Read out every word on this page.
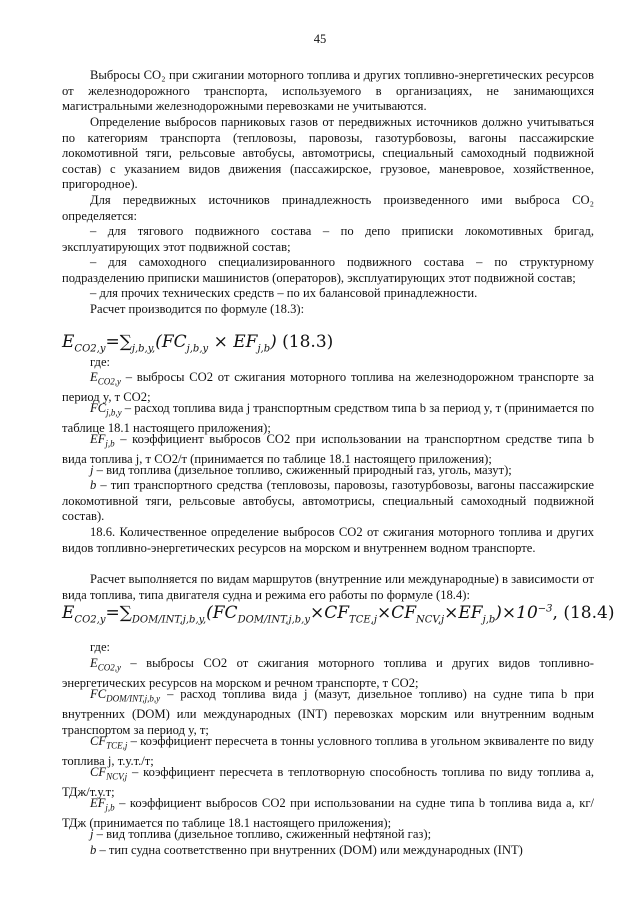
45
Выбросы CO₂ при сжигании моторного топлива и других топливно-энергетических ресурсов от железнодорожного транспорта, используемого в организациях, не занимающихся магистральными железнодорожными перевозками не учитываются.
Определение выбросов парниковых газов от передвижных источников должно учитываться по категориям транспорта (тепловозы, паровозы, газотурбовозы, вагоны пассажирские локомотивной тяги, рельсовые автобусы, автомотрисы, специальный самоходный подвижной состав) с указанием видов движения (пассажирское, грузовое, маневровое, хозяйственное, пригородное).
Для передвижных источников принадлежность произведенного ими выброса CO₂ определяется:
– для тягового подвижного состава – по депо приписки локомотивных бригад, эксплуатирующих этот подвижной состав;
– для самоходного специализированного подвижного состава – по структурному подразделению приписки машинистов (операторов), эксплуатирующих этот подвижной состав;
– для прочих технических средств – по их балансовой принадлежности.
Расчет производится по формуле (18.3):
$E_{CO2,y}=\sum_{j,b,y,}(FC_{j,b,y} \times EF_{j,b})$ (18.3)
где:
$E_{CO2,y}$ – выбросы CO2 от сжигания моторного топлива на железнодорожном транспорте за период y, т CO2;
$FC_{j,b,y}$ – расход топлива вида j транспортным средством типа b за период y, т (принимается по таблице 18.1 настоящего приложения);
$EF_{j,b}$ – коэффициент выбросов CO2 при использовании на транспортном средстве типа b вида топлива j, т CO2/т (принимается по таблице 18.1 настоящего приложения);
j – вид топлива (дизельное топливо, сжиженный природный газ, уголь, мазут);
b – тип транспортного средства (тепловозы, паровозы, газотурбовозы, вагоны пассажирские локомотивной тяги, рельсовые автобусы, автомотрисы, специальный самоходный подвижной состав).
18.6. Количественное определение выбросов CO2 от сжигания моторного топлива и других видов топливно-энергетических ресурсов на морском и внутреннем водном транспорте.
Расчет выполняется по видам маршрутов (внутренние или международные) в зависимости от вида топлива, типа двигателя судна и режима его работы по формуле (18.4):
$E_{CO2,y}=\sum_{DOM/INT,j,b,y,}(FC_{DOM/INT,j,b,y}\times CF_{TCE,j}\times CF_{NCV,j}\times EF_{j,b})\times 10^{-3}$, (18.4)
где:
$E_{CO2,y}$ – выбросы CO2 от сжигания моторного топлива и других видов топливно-энергетических ресурсов на морском и речном транспорте, т CO2;
$FC_{DOM/INT,j,b,y}$ – расход топлива вида j (мазут, дизельное топливо) на судне типа b при внутренних (DOM) или международных (INT) перевозках морским или внутренним водным транспортом за период y, т;
$CF_{TCE,j}$ – коэффициент пересчета в тонны условного топлива в угольном эквиваленте по виду топлива j, т.у.т./т;
$CF_{NCV,j}$ – коэффициент пересчета в теплотворную способность топлива по виду топлива a, ТДж/т.у.т;
$EF_{j,b}$ – коэффициент выбросов CO2 при использовании на судне типа b топлива вида a, кг/ТДж (принимается по таблице 18.1 настоящего приложения);
j – вид топлива (дизельное топливо, сжиженный нефтяной газ);
b – тип судна соответственно при внутренних (DOM) или международных (INT)
